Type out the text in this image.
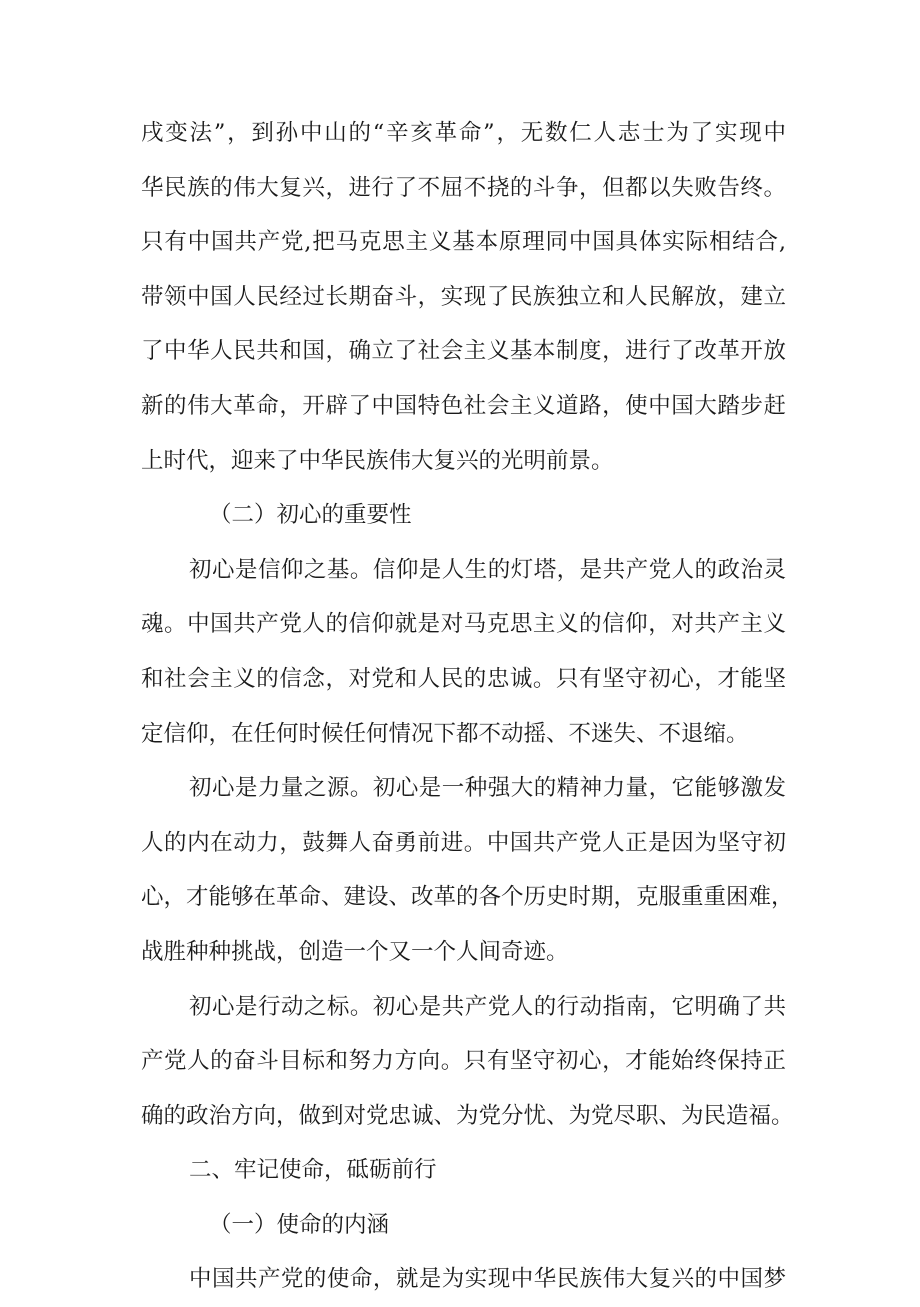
戌变法”，到孙中山的“辛亥革命”，无数仁人志士为了实现中
华民族的伟大复兴，进行了不屈不挠的斗争，但都以失败告终。
只有中国共产党,把马克思主义基本原理同中国具体实际相结合,
带领中国人民经过长期奋斗，实现了民族独立和人民解放，建立
了中华人民共和国，确立了社会主义基本制度，进行了改革开放
新的伟大革命，开辟了中国特色社会主义道路，使中国大踏步赶
上时代，迎来了中华民族伟大复兴的光明前景。
（二）初心的重要性
初心是信仰之基。信仰是人生的灯塔，是共产党人的政治灵
魂。中国共产党人的信仰就是对马克思主义的信仰，对共产主义
和社会主义的信念，对党和人民的忠诚。只有坚守初心，才能坚
定信仰，在任何时候任何情况下都不动摇、不迷失、不退缩。
初心是力量之源。初心是一种强大的精神力量，它能够激发
人的内在动力，鼓舞人奋勇前进。中国共产党人正是因为坚守初
心，才能够在革命、建设、改革的各个历史时期，克服重重困难，
战胜种种挑战，创造一个又一个人间奇迹。
初心是行动之标。初心是共产党人的行动指南，它明确了共
产党人的奋斗目标和努力方向。只有坚守初心，才能始终保持正
确的政治方向，做到对党忠诚、为党分忧、为党尽职、为民造福。
二、牢记使命，砥砺前行
（一）使命的内涵
中国共产党的使命，就是为实现中华民族伟大复兴的中国梦
